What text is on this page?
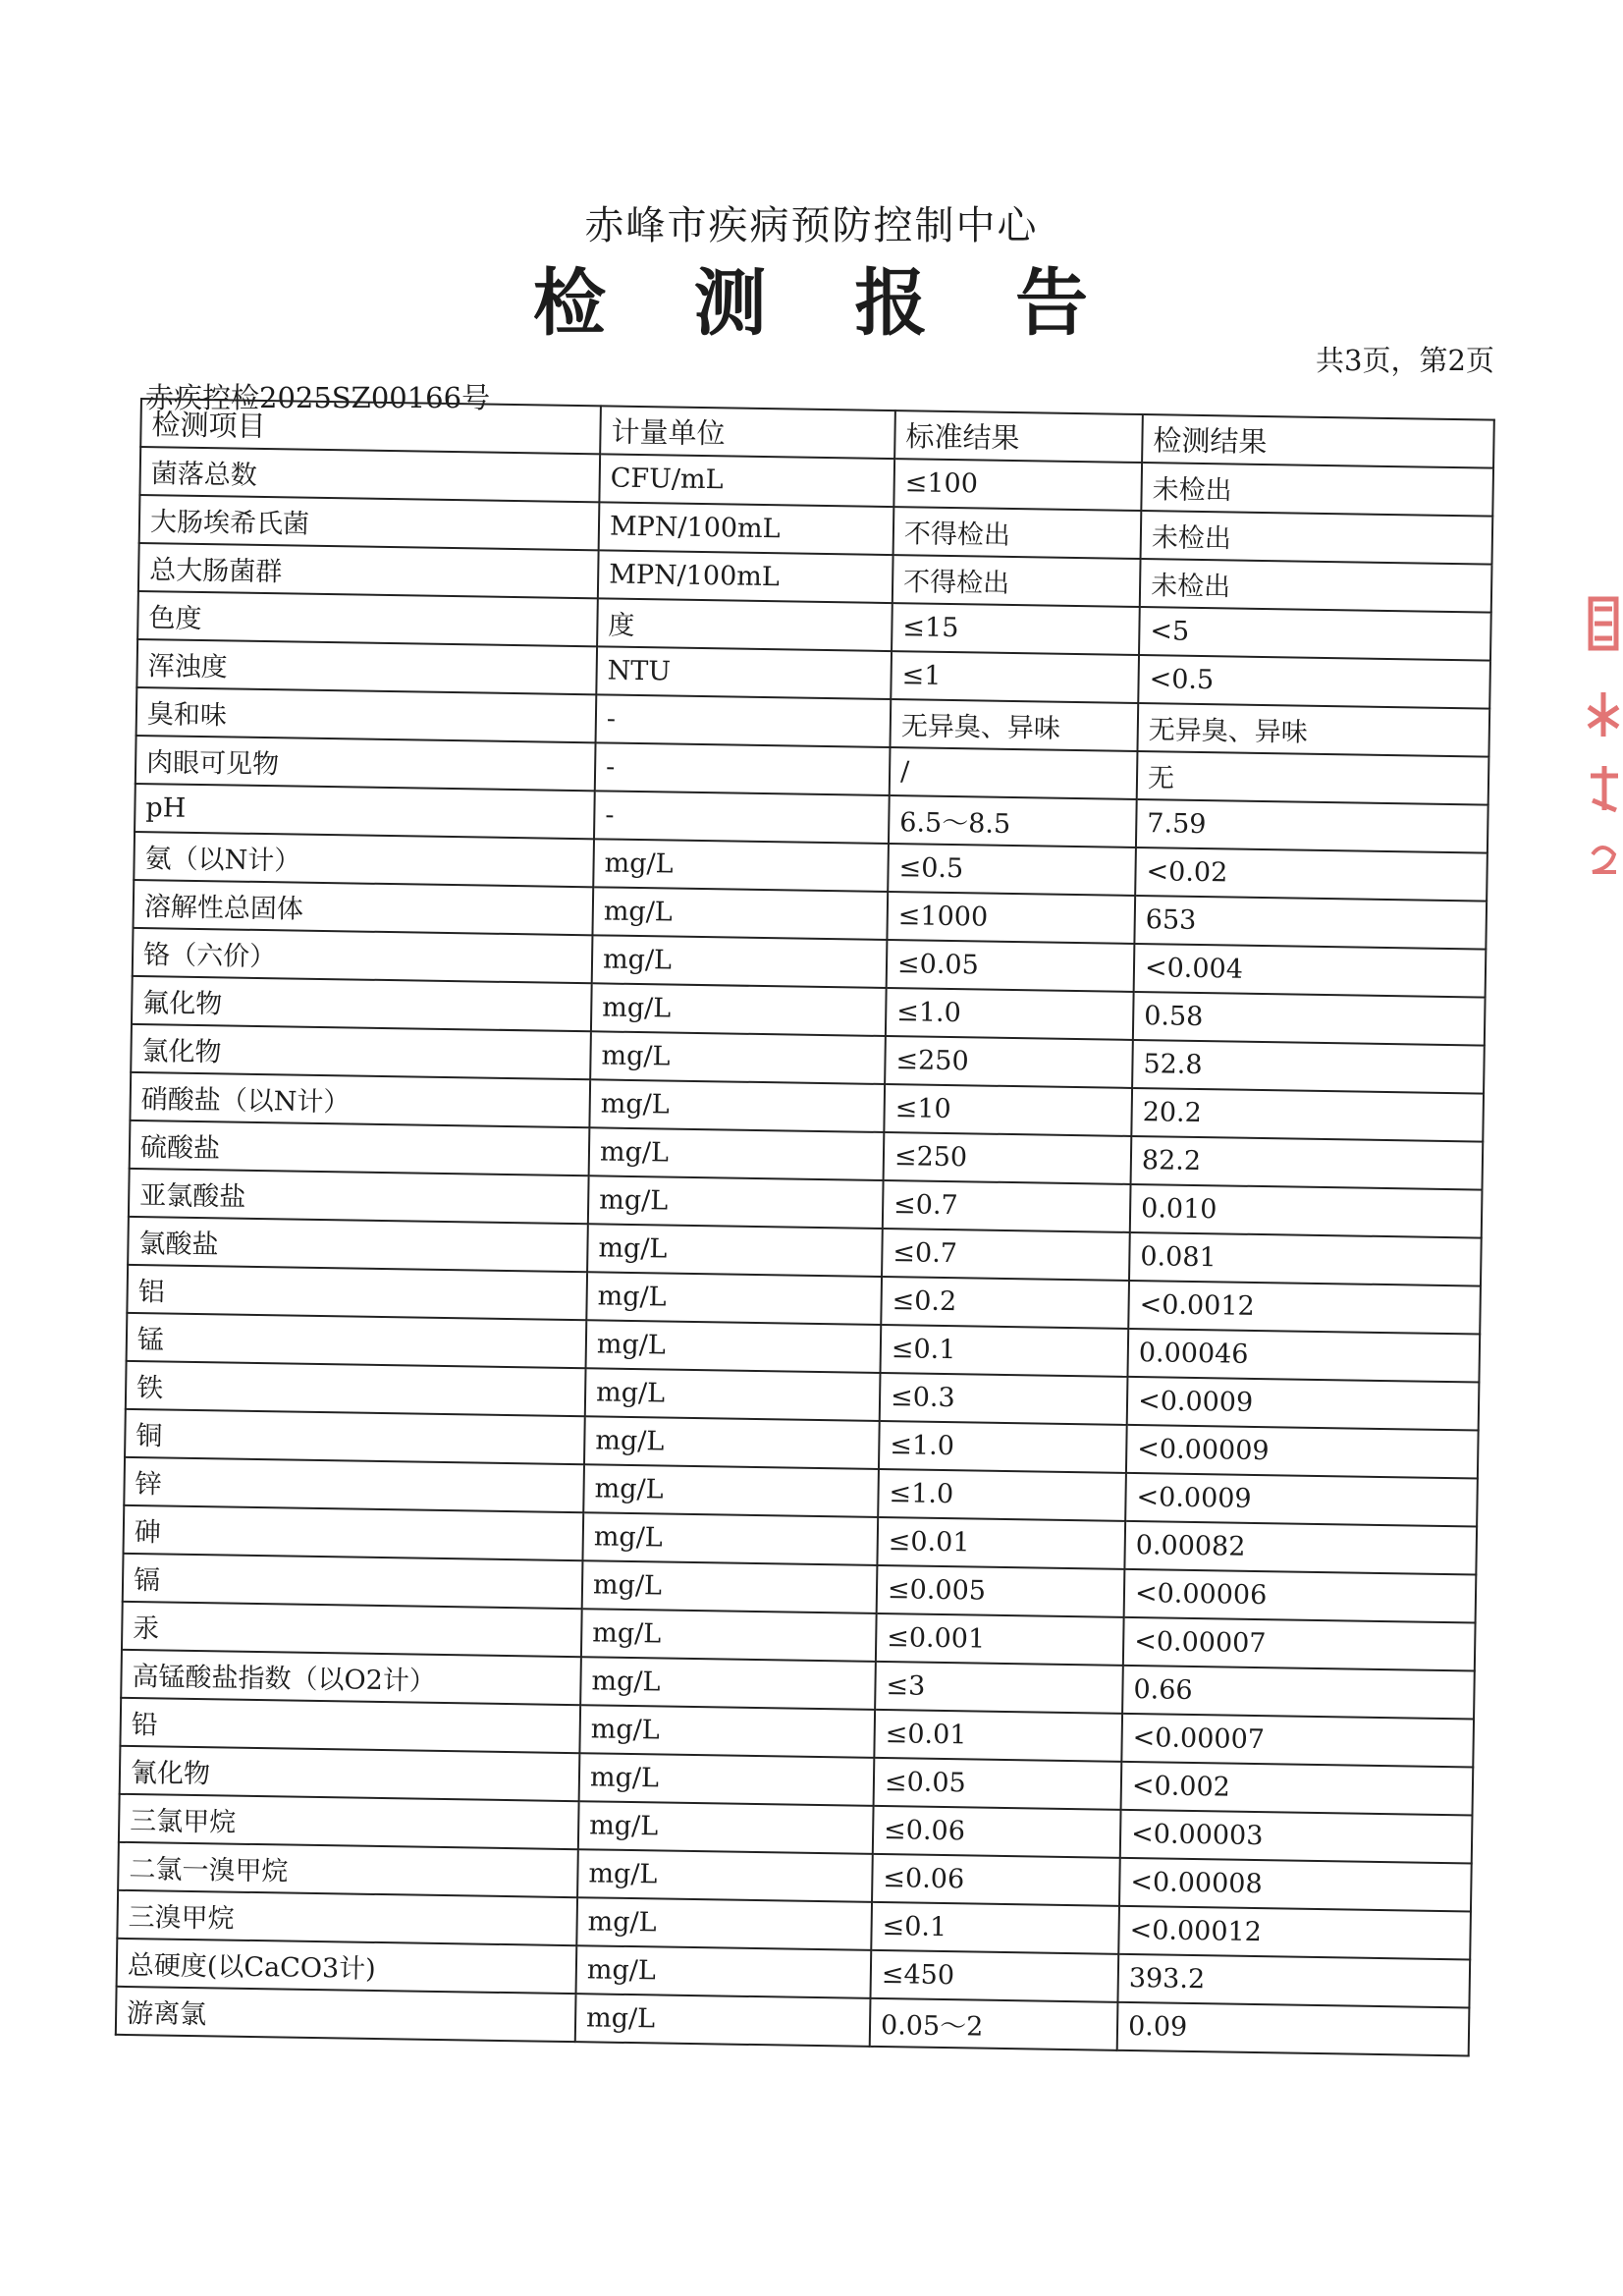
赤峰市疾病预防控制中心
检 测 报 告
共3页，第2页
赤疾控检2025SZ00166号
检测项目	计量单位	标准结果	检测结果
菌落总数	CFU/mL	≤100	未检出
大肠埃希氏菌	MPN/100mL	不得检出	未检出
总大肠菌群	MPN/100mL	不得检出	未检出
色度	度	≤15	<5
浑浊度	NTU	≤1	<0.5
臭和味	-	无异臭、异味	无异臭、异味
肉眼可见物	-	/	无
pH	-	6.5～8.5	7.59
氨（以N计）	mg/L	≤0.5	<0.02
溶解性总固体	mg/L	≤1000	653
铬（六价）	mg/L	≤0.05	<0.004
氟化物	mg/L	≤1.0	0.58
氯化物	mg/L	≤250	52.8
硝酸盐（以N计）	mg/L	≤10	20.2
硫酸盐	mg/L	≤250	82.2
亚氯酸盐	mg/L	≤0.7	0.010
氯酸盐	mg/L	≤0.7	0.081
铝	mg/L	≤0.2	<0.0012
锰	mg/L	≤0.1	0.00046
铁	mg/L	≤0.3	<0.0009
铜	mg/L	≤1.0	<0.00009
锌	mg/L	≤1.0	<0.0009
砷	mg/L	≤0.01	0.00082
镉	mg/L	≤0.005	<0.00006
汞	mg/L	≤0.001	<0.00007
高锰酸盐指数（以O2计）	mg/L	≤3	0.66
铅	mg/L	≤0.01	<0.00007
氰化物	mg/L	≤0.05	<0.002
三氯甲烷	mg/L	≤0.06	<0.00003
二氯一溴甲烷	mg/L	≤0.06	<0.00008
三溴甲烷	mg/L	≤0.1	<0.00012
总硬度(以CaCO3计)	mg/L	≤450	393.2
游离氯	mg/L	0.05～2	0.09
